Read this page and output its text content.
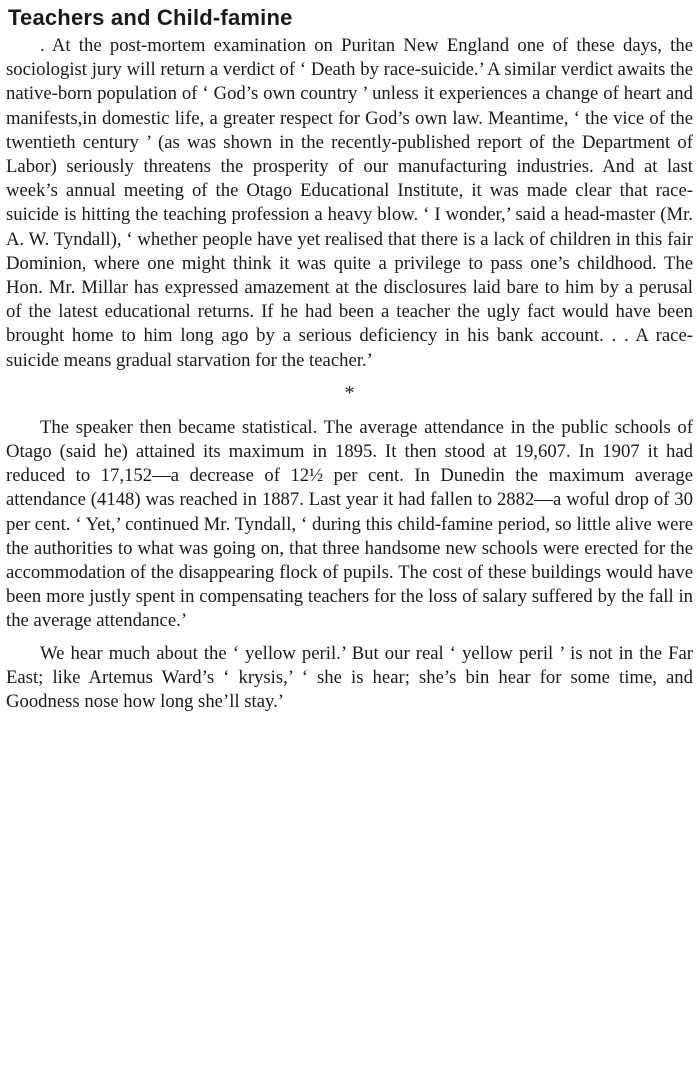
Teachers and Child-famine

. At the post-mortem examination on Puritan New England one of these days, the sociologist jury will return a verdict of ‘ Death by race-suicide.’ A similar verdict awaits the native-born population of ‘ God’s own country ’ unless it experiences a change of heart and manifests,in domestic life, a greater respect for God’s own law. Meantime, ‘ the vice of the twentieth century ’ (as was shown in the recently-published report of the Department of Labor) seriously threatens the prosperity of our manufacturing industries. And at last week’s annual meeting of the Otago Educational Institute, it was made clear that race-suicide is hitting the teaching profession a heavy blow. ‘ I wonder,’ said a head-master (Mr. A. W. Tyndall), ‘ whether people have yet realised that there is a lack of children in this fair Dominion, where one might think it was quite a privilege to pass one’s childhood. The Hon. Mr. Millar has expressed amazement at the disclosures laid bare to him by a perusal of the latest educational returns. If he had been a teacher the ugly fact would have been brought home to him long ago by a serious deficiency in his bank account. . . A race-suicide means gradual starvation for the teacher.’

*

The speaker then became statistical. The average attendance in the public schools of Otago (said he) attained its maximum in 1895. It then stood at 19,607. In 1907 it had reduced to 17,152—a decrease of 12½ per cent. In Dunedin the maximum average attendance (4148) was reached in 1887. Last year it had fallen to 2882—a woful drop of 30 per cent. ‘ Yet,’ continued Mr. Tyndall, ‘ during this child-famine period, so little alive were the authorities to what was going on, that three handsome new schools were erected for the accommodation of the disappearing flock of pupils. The cost of these buildings would have been more justly spent in compensating teachers for the loss of salary suffered by the fall in the average attendance.’

We hear much about the ‘ yellow peril.’ But our real ‘ yellow peril ’ is not in the Far East; like Artemus Ward’s ‘ krysis,’ ‘ she is hear; she’s bin hear for some time, and Goodness nose how long she’ll stay.’
